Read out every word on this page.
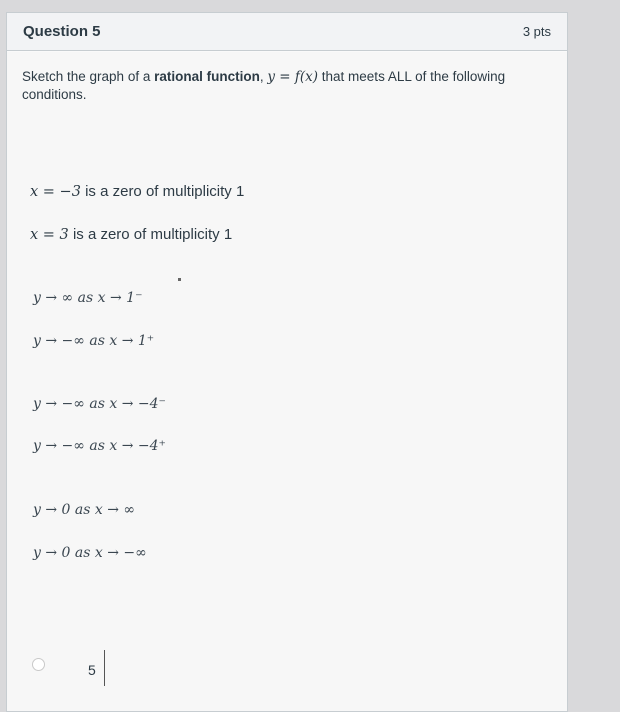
Question 5	3 pts
Sketch the graph of a rational function, y = f(x) that meets ALL of the following conditions.
x = −3 is a zero of multiplicity 1
x = 3 is a zero of multiplicity 1
y → ∞ as x → 1⁻
y → −∞ as x → 1⁺
y → −∞ as x → −4⁻
y → −∞ as x → −4⁺
y → 0 as x → ∞
y → 0 as x → −∞
5
